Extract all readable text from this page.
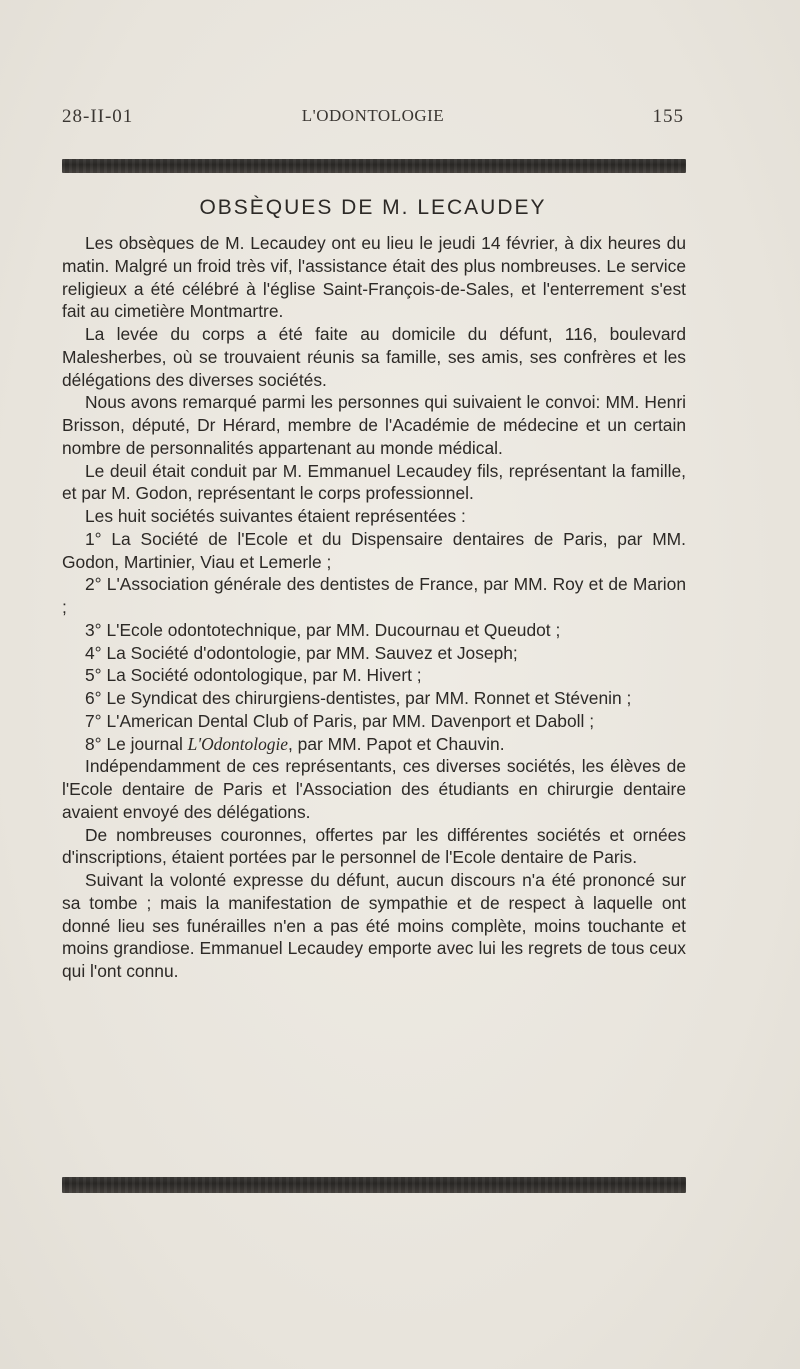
28-II-01	L'ODONTOLOGIE	155
OBSÈQUES DE M. LECAUDEY

Les obsèques de M. Lecaudey ont eu lieu le jeudi 14 février, à dix heures du matin. Malgré un froid très vif, l'assistance était des plus nombreuses. Le service religieux a été célébré à l'église Saint-François-de-Sales, et l'enterrement s'est fait au cimetière Montmartre.

La levée du corps a été faite au domicile du défunt, 116, boulevard Malesherbes, où se trouvaient réunis sa famille, ses amis, ses confrères et les délégations des diverses sociétés.

Nous avons remarqué parmi les personnes qui suivaient le convoi: MM. Henri Brisson, député, Dr Hérard, membre de l'Académie de médecine et un certain nombre de personnalités appartenant au monde médical.

Le deuil était conduit par M. Emmanuel Lecaudey fils, représentant la famille, et par M. Godon, représentant le corps professionnel.

Les huit sociétés suivantes étaient représentées :

1° La Société de l'Ecole et du Dispensaire dentaires de Paris, par MM. Godon, Martinier, Viau et Lemerle ;

2° L'Association générale des dentistes de France, par MM. Roy et de Marion ;

3° L'Ecole odontotechnique, par MM. Ducournau et Queudot ;

4° La Société d'odontologie, par MM. Sauvez et Joseph;

5° La Société odontologique, par M. Hivert ;

6° Le Syndicat des chirurgiens-dentistes, par MM. Ronnet et Stévenin ;

7° L'American Dental Club of Paris, par MM. Davenport et Daboll ;

8° Le journal L'Odontologie, par MM. Papot et Chauvin.

Indépendamment de ces représentants, ces diverses sociétés, les élèves de l'Ecole dentaire de Paris et l'Association des étudiants en chirurgie dentaire avaient envoyé des délégations.

De nombreuses couronnes, offertes par les différentes sociétés et ornées d'inscriptions, étaient portées par le personnel de l'Ecole dentaire de Paris.

Suivant la volonté expresse du défunt, aucun discours n'a été prononcé sur sa tombe ; mais la manifestation de sympathie et de respect à laquelle ont donné lieu ses funérailles n'en a pas été moins complète, moins touchante et moins grandiose. Emmanuel Lecaudey emporte avec lui les regrets de tous ceux qui l'ont connu.
